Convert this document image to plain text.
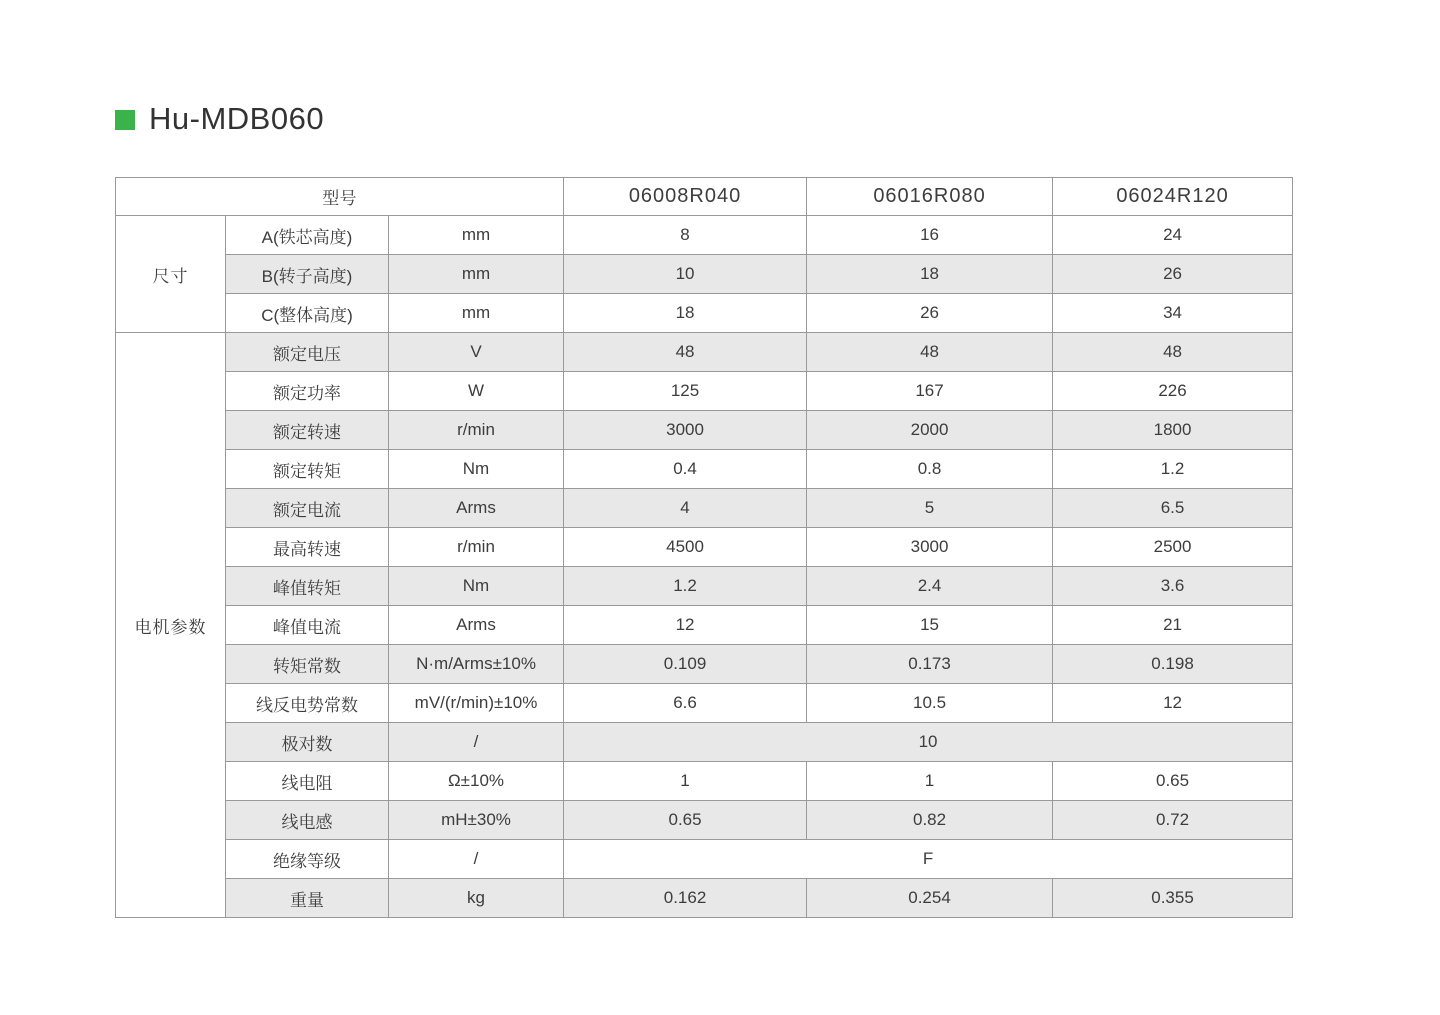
Hu-MDB060
型号			06008R040	06016R080	06024R120
尺寸	A(铁芯高度)	mm	8	16	24
	B(转子高度)	mm	10	18	26
	C(整体高度)	mm	18	26	34
电机参数	额定电压	V	48	48	48
	额定功率	W	125	167	226
	额定转速	r/min	3000	2000	1800
	额定转矩	Nm	0.4	0.8	1.2
	额定电流	Arms	4	5	6.5
	最高转速	r/min	4500	3000	2500
	峰值转矩	Nm	1.2	2.4	3.6
	峰值电流	Arms	12	15	21
	转矩常数	N·m/Arms±10%	0.109	0.173	0.198
	线反电势常数	mV/(r/min)±10%	6.6	10.5	12
	极对数	/	10		
	线电阻	Ω±10%	1	1	0.65
	线电感	mH±30%	0.65	0.82	0.72
	绝缘等级	/	F		
	重量	kg	0.162	0.254	0.355
